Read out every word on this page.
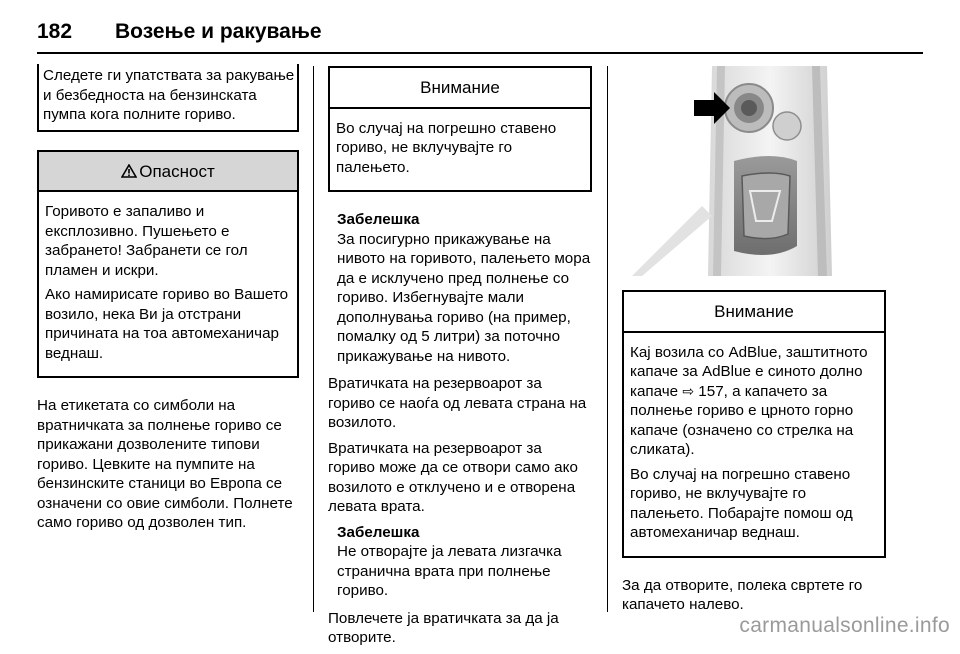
182 Возење и ракување
Следете ги упатствата за ракување и безбедноста на бензинската пумпа кога полните гориво.
Опасност

Горивото е запаливо и експлозивно. Пушењето е забрането! Забранети се гол пламен и искри.

Ако намирисате гориво во Вашето возило, нека Ви ја отстрани причината на тоа автомеханичар веднаш.

На етикетата со симболи на вратничката за полнење гориво се прикажани дозволените типови гориво. Цевките на пумпите на бензинските станици во Европа се означени со овие симболи. Полнете само гориво од дозволен тип.

Внимание

Во случај на погрешно ставено гориво, не вклучувајте го палењето.

Забелешка
За посигурно прикажување на нивото на горивото, палењето мора да е исклучено пред полнење со гориво. Избегнувајте мали дополнувања гориво (на пример, помалку од 5 литри) за поточно прикажување на нивото.

Вратичката на резервоарот за гориво се наоѓа од левата страна на возилото.

Вратичката на резервоарот за гориво може да се отвори само ако возилото е отклучено и е отворена левата врата.

Забелешка
Не отворајте ја левата лизгачка странична врата при полнење гориво.

Повлечете ја вратичката за да ја отворите.

Внимание

Кај возила со AdBlue, заштитното капаче за AdBlue е синото долно капаче ⇨ 157, а капачето за полнење гориво е црнoто горно капаче (означено со стрелка на сликата).

Во случај на погрешно ставено гориво, не вклучувајте го палењето. Побарајте помош од автомеханичар веднаш.

За да отворите, полека свртете го капачето налево.

carmanualsonline.info
